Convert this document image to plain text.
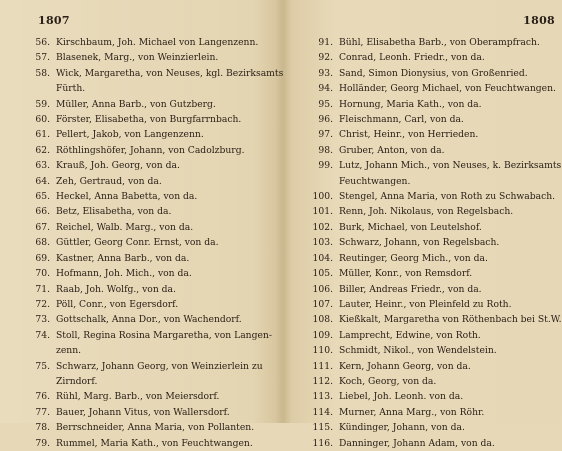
1807	1808
56. Kirschbaum, Joh. Michael von Langenzenn.
57. Blasenek, Marg., von Weinzierlein.
58. Wick, Margaretha, von Neuses, kgl. Bezirksamts
Fürth.
59. Müller, Anna Barb., von Gutzberg.
60. Förster, Elisabetha, von Burgfarrnbach.
61. Pellert, Jakob, von Langenzenn.
62. Röthlingshöfer, Johann, von Cadolzburg.
63. Krauß, Joh. Georg, von da.
64. Zeh, Gertraud, von da.
65. Heckel, Anna Babetta, von da.
66. Betz, Elisabetha, von da.
67. Reichel, Walb. Marg., von da.
68. Güttler, Georg Conr. Ernst, von da.
69. Kastner, Anna Barb., von da.
70. Hofmann, Joh. Mich., von da.
71. Raab, Joh. Wolfg., von da.
72. Pöll, Conr., von Egersdorf.
73. Gottschalk, Anna Dor., von Wachendorf.
74. Stoll, Regina Rosina Margaretha, von Langen-
zenn.
75. Schwarz, Johann Georg, von Weinzierlein zu
Zirndorf.
76. Rühl, Marg. Barb., von Meiersdorf.
77. Bauer, Johann Vitus, von Wallersdorf.
78. Berrschneider, Anna Maria, von Pollanten.
79. Rummel, Maria Kath., von Feuchtwangen.
91. Bühl, Elisabetha Barb., von Oberampfrach.
92. Conrad, Leonh. Friedr., von da.
93. Sand, Simon Dionysius, von Großenried.
94. Holländer, Georg Michael, von Feuchtwangen.
95. Hornung, Maria Kath., von da.
96. Fleischmann, Carl, von da.
97. Christ, Heinr., von Herrieden.
98. Gruber, Anton, von da.
99. Lutz, Johann Mich., von Neuses, k. Bezirksamts
Feuchtwangen.
100. Stengel, Anna Maria, von Roth zu Schwabach.
101. Renn, Joh. Nikolaus, von Regelsbach.
102. Burk, Michael, von Leutelshof.
103. Schwarz, Johann, von Regelsbach.
104. Reutinger, Georg Mich., von da.
105. Müller, Konr., von Remsdorf.
106. Biller, Andreas Friedr., von da.
107. Lauter, Heinr., von Pleinfeld zu Roth.
108. Kießkalt, Margaretha von Röthenbach bei St.W.
109. Lamprecht, Edwine, von Roth.
110. Schmidt, Nikol., von Wendelstein.
111. Kern, Johann Georg, von da.
112. Koch, Georg, von da.
113. Liebel, Joh. Leonh. von da.
114. Murner, Anna Marg., von Röhr.
115. Kündinger, Johann, von da.
116. Danninger, Johann Adam, von da.
